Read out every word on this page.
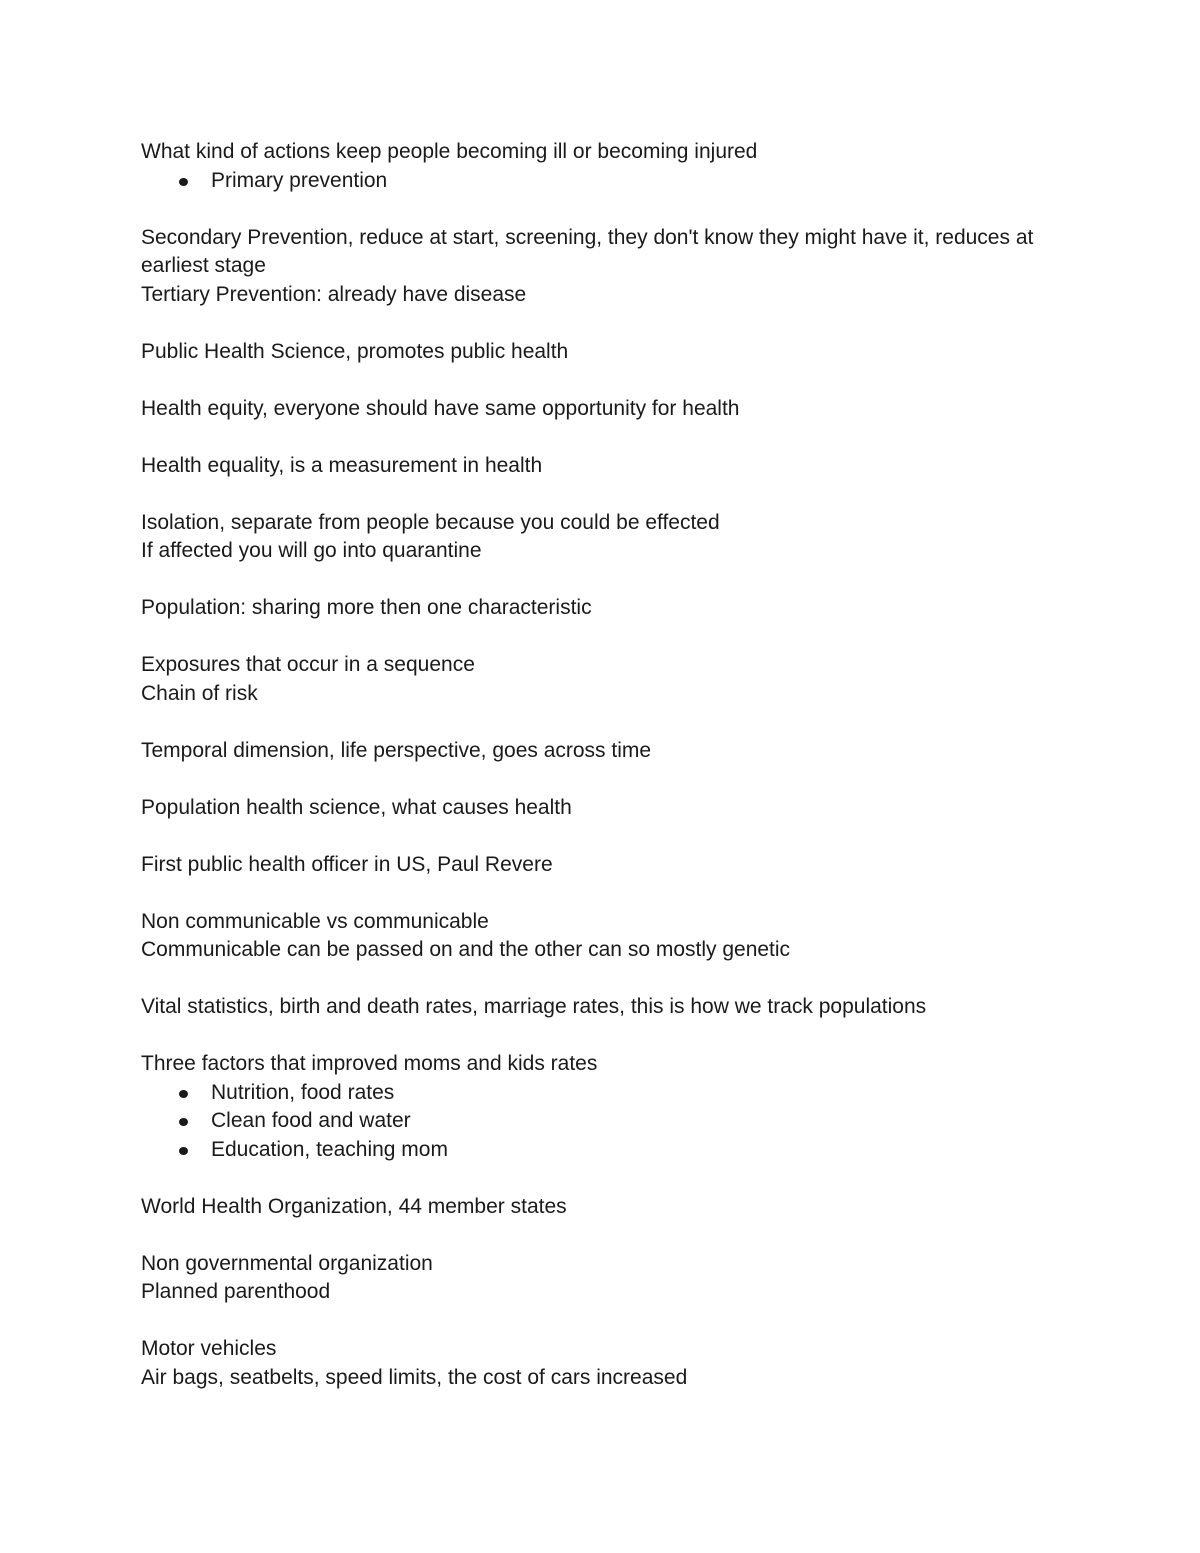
What kind of actions keep people becoming ill or becoming injured
Primary prevention
Secondary Prevention, reduce at start, screening, they don't know they might have it, reduces at earliest stage
Tertiary Prevention: already have disease
Public Health Science, promotes public health
Health equity, everyone should have same opportunity for health
Health equality, is a measurement in health
Isolation, separate from people because you could be effected
If affected you will go into quarantine
Population: sharing more then one characteristic
Exposures that occur in a sequence
Chain of risk
Temporal dimension, life perspective, goes across time
Population health science, what causes health
First public health officer in US, Paul Revere
Non communicable vs communicable
Communicable can be passed on and the other can so mostly genetic
Vital statistics, birth and death rates, marriage rates, this is how we track populations
Three factors that improved moms and kids rates
Nutrition, food rates
Clean food and water
Education, teaching mom
World Health Organization, 44 member states
Non governmental organization
Planned parenthood
Motor vehicles
Air bags, seatbelts, speed limits, the cost of cars increased
